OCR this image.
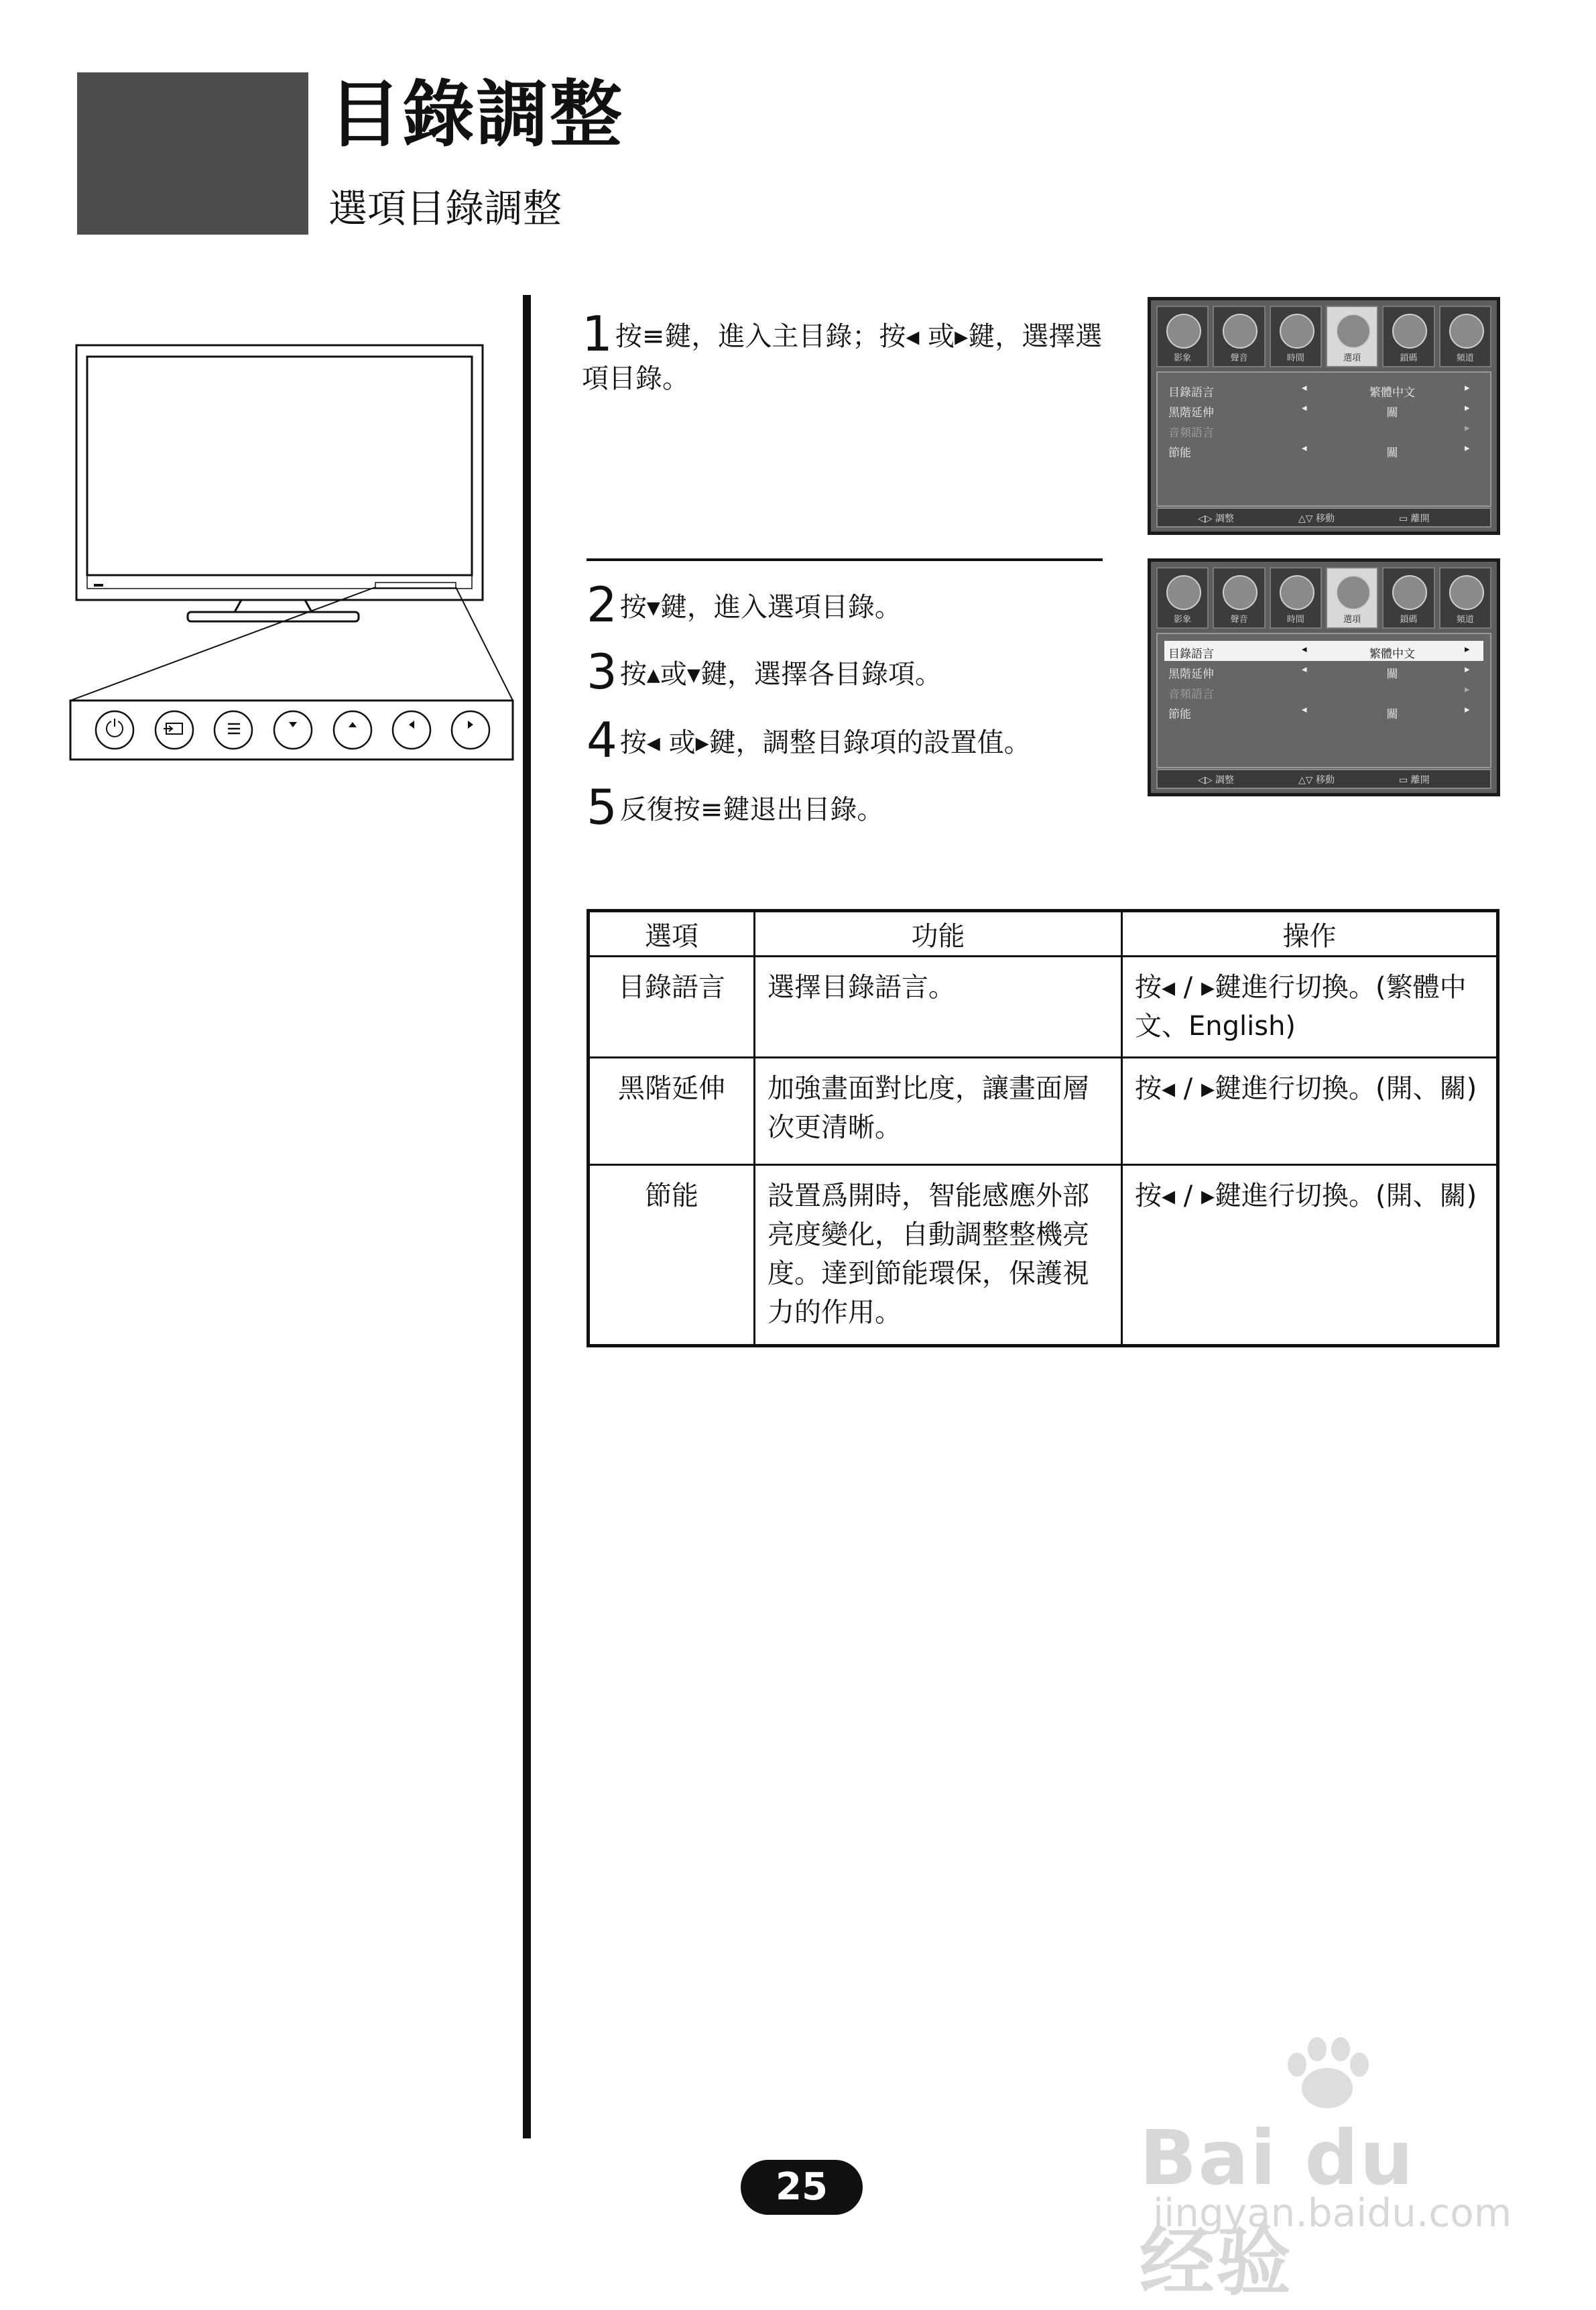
目錄調整
選項目錄調整
1 按≡鍵，進入主目錄；按◂ 或▸鍵，選擇選項目錄。
2 按▾鍵，進入選項目錄。
3 按▴或▾鍵，選擇各目錄項。
4 按◂ 或▸鍵，調整目錄項的設置值。
5 反復按≡鍵退出目錄。
影象	聲音	時間	選項	鎖碼	頻道
目錄語言	◂	繁體中文	▸
黑階延伸	◂	關	▸
音頻語言	▸
節能	◂	關	▸
◁▷ 調整	△▽ 移動	▭ 離開
影象	聲音	時間	選項	鎖碼	頻道
目錄語言	◂	繁體中文	▸
黑階延伸	◂	關	▸
音頻語言	▸
節能	◂	關	▸
◁▷ 調整	△▽ 移動	▭ 離開
選項	功能	操作
目錄語言	選擇目錄語言。	按◂ / ▸鍵進行切換。(繁體中文、English)
黑階延伸	加強畫面對比度，讓畫面層次更清晰。	按◂ / ▸鍵進行切換。(開、關)
節能	設置爲開時，智能感應外部亮度變化，自動調整整機亮度。達到節能環保，保護視力的作用。	按◂ / ▸鍵進行切換。(開、關)
25	Bai du 经验
jingyan.baidu.com
